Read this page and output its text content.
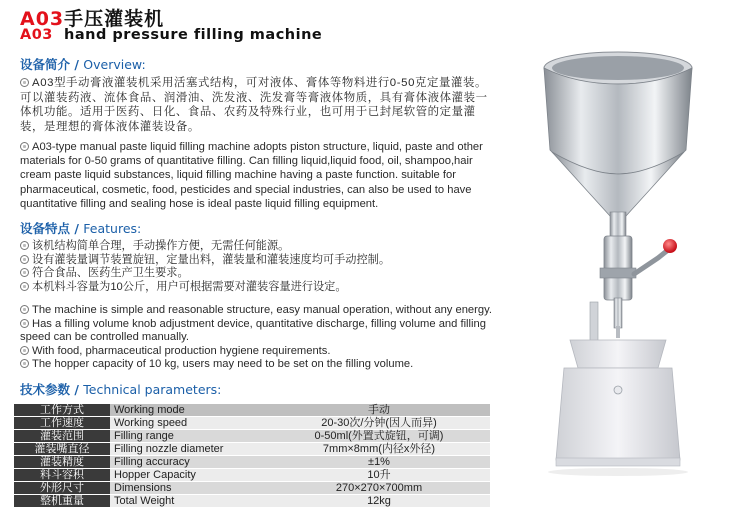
A03手压灌装机
A03 hand pressure filling machine
设备简介 / Overview:
A03型手动膏液灌装机采用活塞式结构，可对液体、膏体等物料进行0-50克定量灌装。可以灌装药液、流体食品、润滑油、洗发液、洗发膏等膏液体物质，具有膏体液体灌装一体机功能。适用于医药、日化、食品、农药及特殊行业，也可用于已封尾软管的定量灌装，是理想的膏体液体灌装设备。
A03-type manual paste liquid filling machine adopts piston structure, liquid, paste and other materials for 0-50 grams of quantitative filling. Can filling liquid,liquid food, oil, shampoo,hair cream paste liquid substances, liquid filling machine having a paste function. suitable for pharmaceutical, cosmetic, food, pesticides and special industries, can also be used to have quantitative filling and sealing hose is ideal paste liquid filling equipment.
设备特点 / Features:
该机结构简单合理，手动操作方便，无需任何能源。
设有灌装量调节装置旋钮，定量出料，灌装量和灌装速度均可手动控制。
符合食品、医药生产卫生要求。
本机料斗容量为10公斤，用户可根据需要对灌装容量进行设定。
The machine is simple and reasonable structure, easy manual operation, without any energy.
Has a filling volume knob adjustment device, quantitative discharge, filling volume and filling speed can be controlled manually.
With food, pharmaceutical production hygiene requirements.
The hopper capacity of 10 kg, users may need to be set on the filling volume.
技术参数 / Technical parameters:
工作方式	Working mode	手动
工作速度	Working speed	20-30次/分钟(因人而异)
灌装范围	Filling range	0-50ml(外置式旋钮，可调)
灌装嘴直径	Filling nozzle diameter	7mm×8mm(内径x外径)
灌装精度	Filling accuracy	±1%
料斗容积	Hopper Capacity	10升
外形尺寸	Dimensions	270×270×700mm
整机重量	Total Weight	12kg
